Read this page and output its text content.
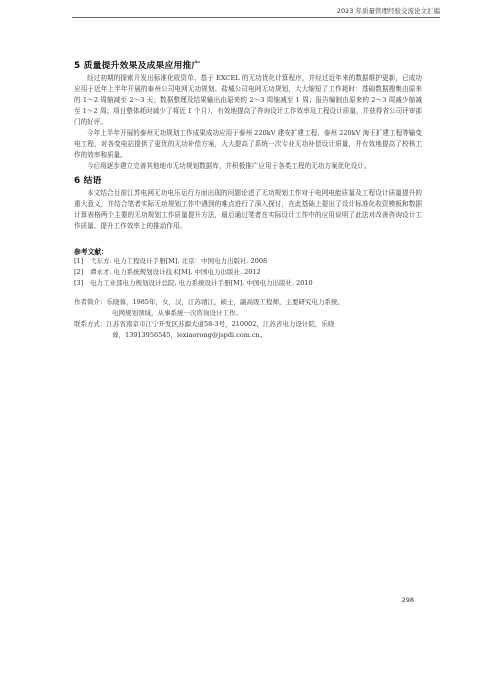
2023 年质量管理经验交流论文汇编
5 质量提升效果及成果应用推广

经过初期的探索开发出标准化收资单、基于 EXCEL 的无功优化计算程序，并经过近年来的数据维护更新，已成功应用于近年上半年开展的泰州公司电网无功规划、盐城公司电网无功规划，大大缩短了工作耗时：基础数据搜集由原来的 1～2 周缩减至 2～3 天；数据整理及结果输出由原来的 2～3 周缩减至 1 周；报告编制由原来的 2～3 周减少缩减至 1～2 周；项目整体耗时减少了将近 1 个月），有效地提高了咨询设计工作效率及工程设计质量，并获得省公司评审部门的好评。

今年上半年开展的泰州无功规划工作成果成功应用于泰州 220kV 建安扩建工程、泰州 220kV 海王扩建工程等输变电工程，对各变电站提供了更优的无功补偿方案，大大提高了系统一次专业无功补偿设计质量，并有效地提高了校核工作的效率和质量。

今后将逐步建立完善其他地市无功规划数据库，并积极推广应用于各类工程的无功方案优化设计。

6 结语

本文结合目前江苏电网无功电压运行方面出现的问题论述了无功规划工作对于电网电能质量及工程设计质量提升的重大意义，并结合笔者实际无功规划工作中遇到的难点进行了深入探讨，在此基础上提出了设计标准化收资模板和数据计算表格两个主要的无功规划工作质量提升方法，最后通过笔者在实际设计工作中的应用说明了此法对改善咨询设计工作质量、提升工作效率上的推动作用。

参考文献：
[1] 弋东方. 电力工程设计手册[M]. 北京：中国电力出版社. 2008
[2] 谭永才. 电力系统规划设计技术[M]. 中国电力出版社. 2012
[3] 电力工业部电力规划设计总院. 电力系统设计手册[M]. 中国电力出版社. 2010
作者简介：乐晓蓉，1985年，女，汉，江苏靖江，硕士，副高级工程师，主要研究电力系统、
电网规划领域，从事系统一次咨询设计工作。
联系方式：江苏省南京市江宁开发区苏源大道58-3号，210002，江苏省电力设计院，乐晓
蓉，13913956545，lexiaorong@jspdi.com.cn。
298
